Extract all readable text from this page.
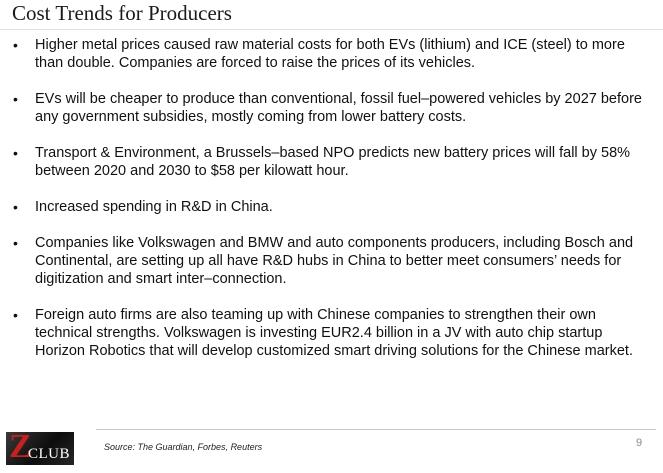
Cost Trends for Producers
• Higher metal prices caused raw material costs for both EVs (lithium) and ICE (steel) to more than double. Companies are forced to raise the prices of its vehicles.
• EVs will be cheaper to produce than conventional, fossil fuel–powered vehicles by 2027 before any government subsidies, mostly coming from lower battery costs.
• Transport & Environment, a Brussels–based NPO predicts new battery prices will fall by 58% between 2020 and 2030 to $58 per kilowatt hour.
• Increased spending in R&D in China.
• Companies like Volkswagen and BMW and auto components producers, including Bosch and Continental, are setting up all have R&D hubs in China to better meet consumers’ needs for digitization and smart inter–connection.
• Foreign auto firms are also teaming up with Chinese companies to strengthen their own technical strengths. Volkswagen is investing EUR2.4 billion in a JV with auto chip startup Horizon Robotics that will develop customized smart driving solutions for the Chinese market.
Z
CLUB	Source: The Guardian, Forbes, Reuters	9
